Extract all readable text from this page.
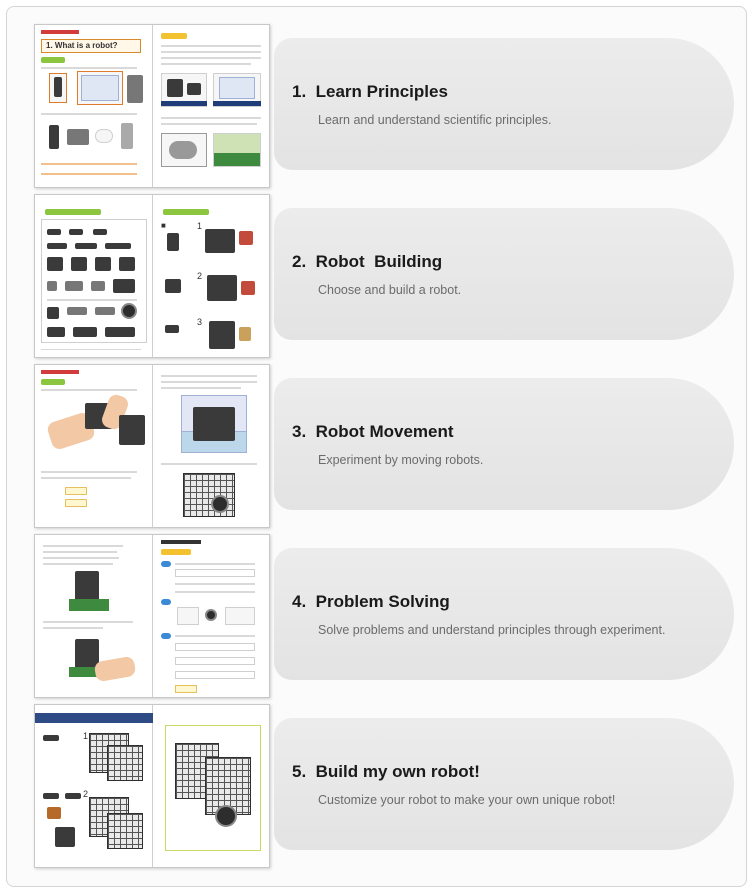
1. What is a robot?
1.  Learn Principles
Learn and understand scientific principles.
1
■
2
3
2.  Robot  Building
Choose and build a robot.
3.  Robot Movement
Experiment by moving robots.
4.  Problem Solving
Solve problems and understand principles through experiment.
1
2
5.  Build my own robot!
Customize your robot to make your own unique robot!
